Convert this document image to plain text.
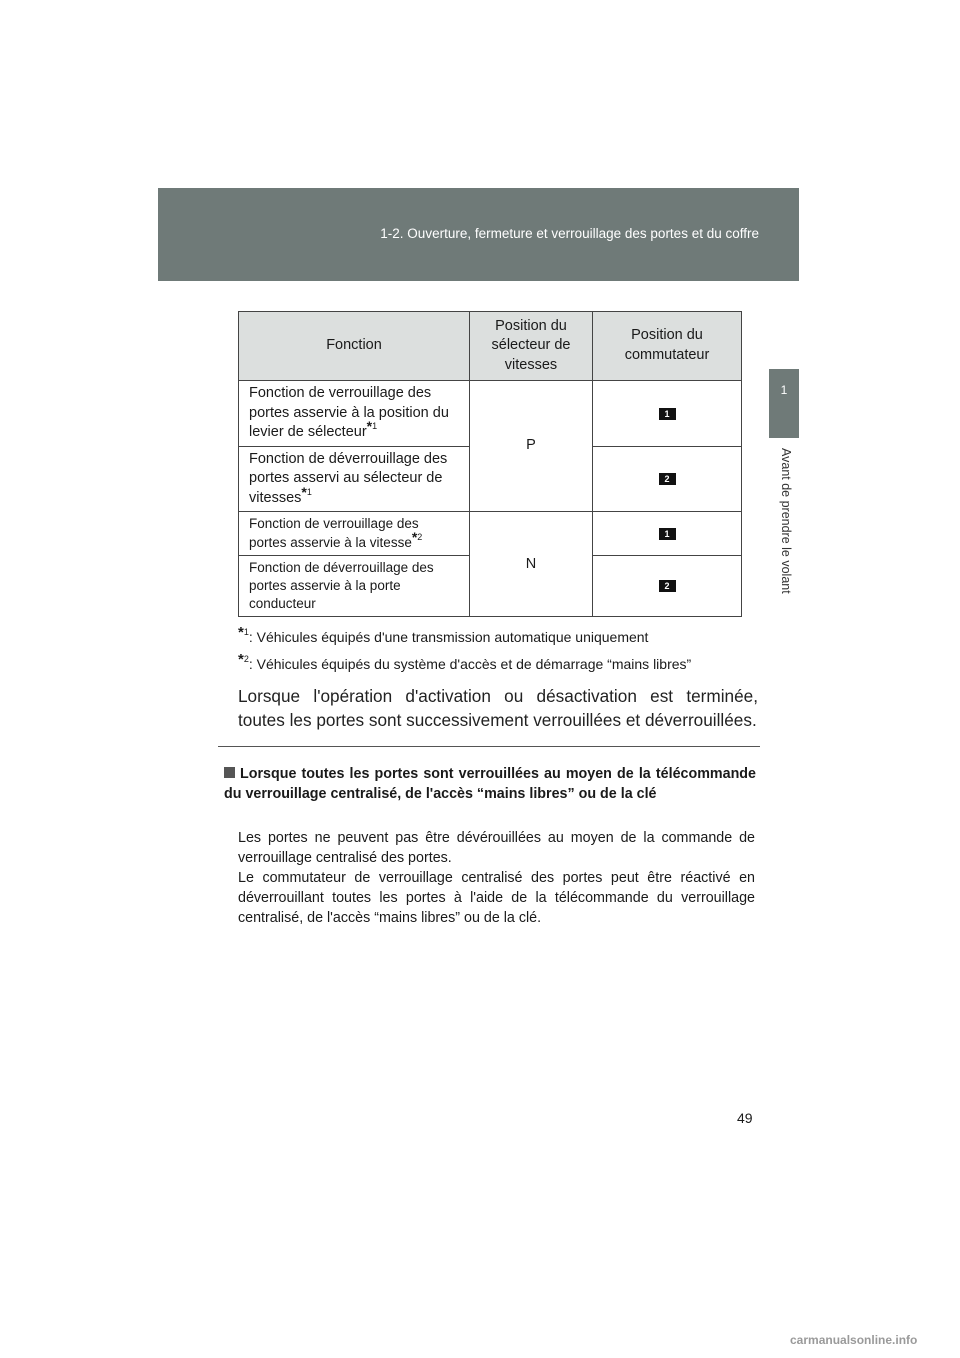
1-2. Ouverture, fermeture et verrouillage des portes et du coffre
1
Avant de prendre le volant
Fonction	Position du sélecteur de vitesses	Position du commutateur
Fonction de verrouillage des portes asservie à la position du levier de sélecteur$^{*1}$	P	1
Fonction de déverrouillage des portes asservi au sélecteur de vitesses$^{*1}$		2
Fonction de verrouillage des portes asservie à la vitesse$^{*2}$	N	1
Fonction de déverrouillage des portes asservie à la porte conducteur		2
$^{*1}$: Véhicules équipés d'une transmission automatique uniquement
$^{*2}$: Véhicules équipés du système d'accès et de démarrage “mains libres”
Lorsque l'opération d'activation ou désactivation est terminée, toutes les portes sont successivement verrouillées et déverrouillées.
Lorsque toutes les portes sont verrouillées au moyen de la télécommande du verrouillage centralisé, de l'accès “mains libres” ou de la clé

Les portes ne peuvent pas être dévérouillées au moyen de la commande de verrouillage centralisé des portes.

Le commutateur de verrouillage centralisé des portes peut être réactivé en déverrouillant toutes les portes à l'aide de la télécommande du verrouillage centralisé, de l'accès “mains libres” ou de la clé.

49
carmanualsonline.info
